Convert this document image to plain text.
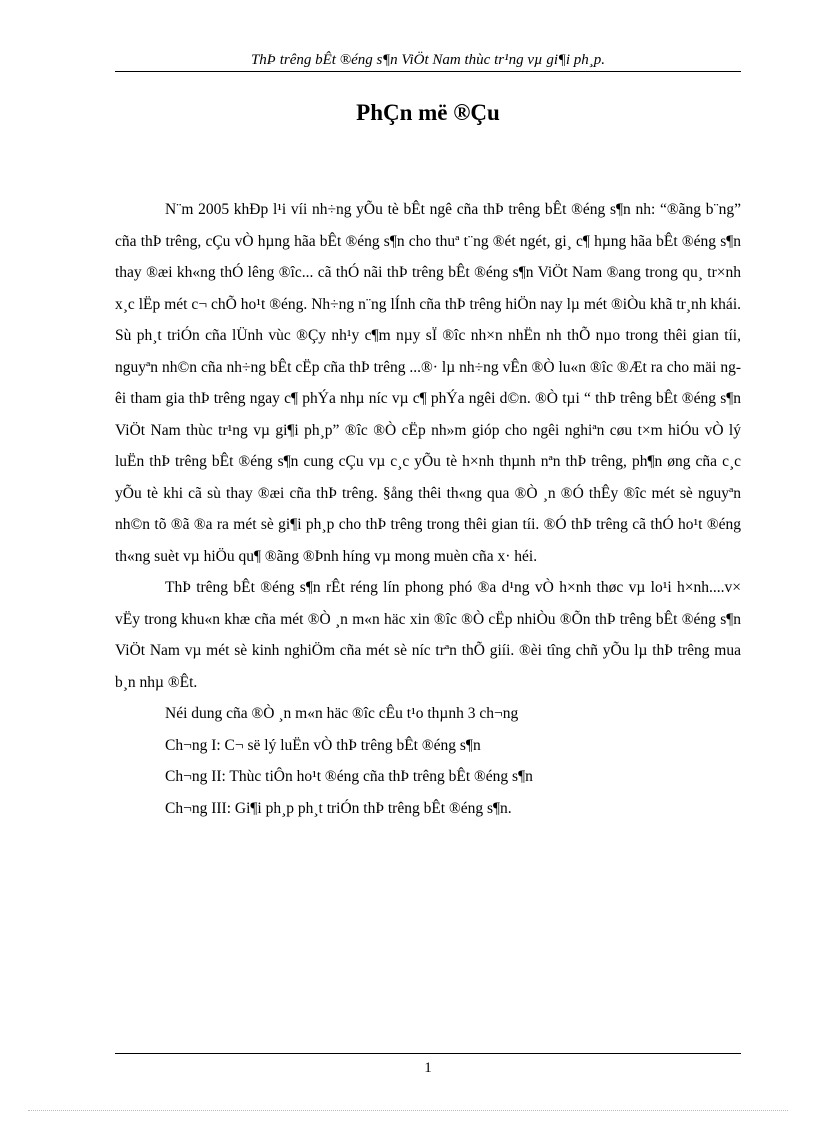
ThÞ trêng bÊt ®éng s¶n ViÖt Nam thùc tr¹ng vµ gi¶i ph¸p.
PhÇn më ®Çu

N¨m 2005 khÐp l¹i víi nh÷ng yÕu tè bÊt ngê cña thÞ trêng bÊt ®éng s¶n nh: “®ãng b¨ng” cña thÞ trêng, cÇu vÒ hµng hãa bÊt ®éng s¶n cho thuª t¨ng ®ét ngét, gi¸ c¶ hµng hãa bÊt ®éng s¶n thay ®æi kh«ng thÓ lêng ®îc... cã thÓ nãi thÞ trêng bÊt ®éng s¶n ViÖt Nam ®ang trong qu¸ tr×nh x¸c lËp mét c¬ chÕ ho¹t ®éng. Nh÷ng n¨ng lÍnh cña thÞ trêng hiÖn nay lµ mét ®iÒu khã tr¸nh khái. Sù ph¸t triÓn cña lÜnh vùc ®Çy nh¹y c¶m nµy sÏ ®îc nh×n nhËn nh thÕ nµo trong thêi gian tíi, nguyªn nh©n cña nh÷ng bÊt cËp cña thÞ trêng ...®· lµ nh÷ng vÊn ®Ò lu«n ®îc ®Æt ra cho mäi ngêi tham gia thÞ trêng ngay c¶ phÝa nhµ níc vµ c¶ phÝa ngêi d©n. ®Ò tµi “ thÞ trêng bÊt ®éng s¶n ViÖt Nam thùc tr¹ng vµ gi¶i ph¸p” ®îc ®Ò cËp nh»m gióp cho ngêi nghiªn cøu t×m hiÓu vÒ lý luËn thÞ trêng bÊt ®éng s¶n cung cÇu vµ c¸c yÕu tè h×nh thµnh nªn thÞ trêng, ph¶n øng cña c¸c yÕu tè khi cã sù thay ®æi cña thÞ trêng. §ång thêi th«ng qua ®Ò ¸n ®Ó thÊy ®îc mét sè nguyªn nh©n tõ ®ã ®a ra mét sè gi¶i ph¸p cho thÞ trêng trong thêi gian tíi. ®Ó thÞ trêng cã thÓ ho¹t ®éng th«ng suèt vµ hiÖu qu¶ ®ãng ®Þnh híng vµ mong muèn cña x· héi.

ThÞ trêng bÊt ®éng s¶n rÊt réng lín phong phó ®a d¹ng vÒ h×nh thøc vµ lo¹i h×nh....v× vËy trong khu«n khæ cña mét ®Ò ¸n m«n häc xin ®îc ®Ò cËp nhiÒu ®Õn thÞ trêng bÊt ®éng s¶n ViÖt Nam vµ mét sè kinh nghiÖm cña mét sè níc trªn thÕ giíi. ®èi tîng chñ yÕu lµ thÞ trêng mua b¸n nhµ ®Êt.

Néi dung cña ®Ò ¸n m«n häc ®îc cÊu t¹o thµnh 3 ch¬ng
Ch¬ng I: C¬ së lý luËn vÒ thÞ trêng bÊt ®éng s¶n
Ch¬ng II: Thùc tiÔn ho¹t ®éng cña thÞ trêng bÊt ®éng s¶n
Ch¬ng III: Gi¶i ph¸p ph¸t triÓn thÞ trêng bÊt ®éng s¶n.
1
